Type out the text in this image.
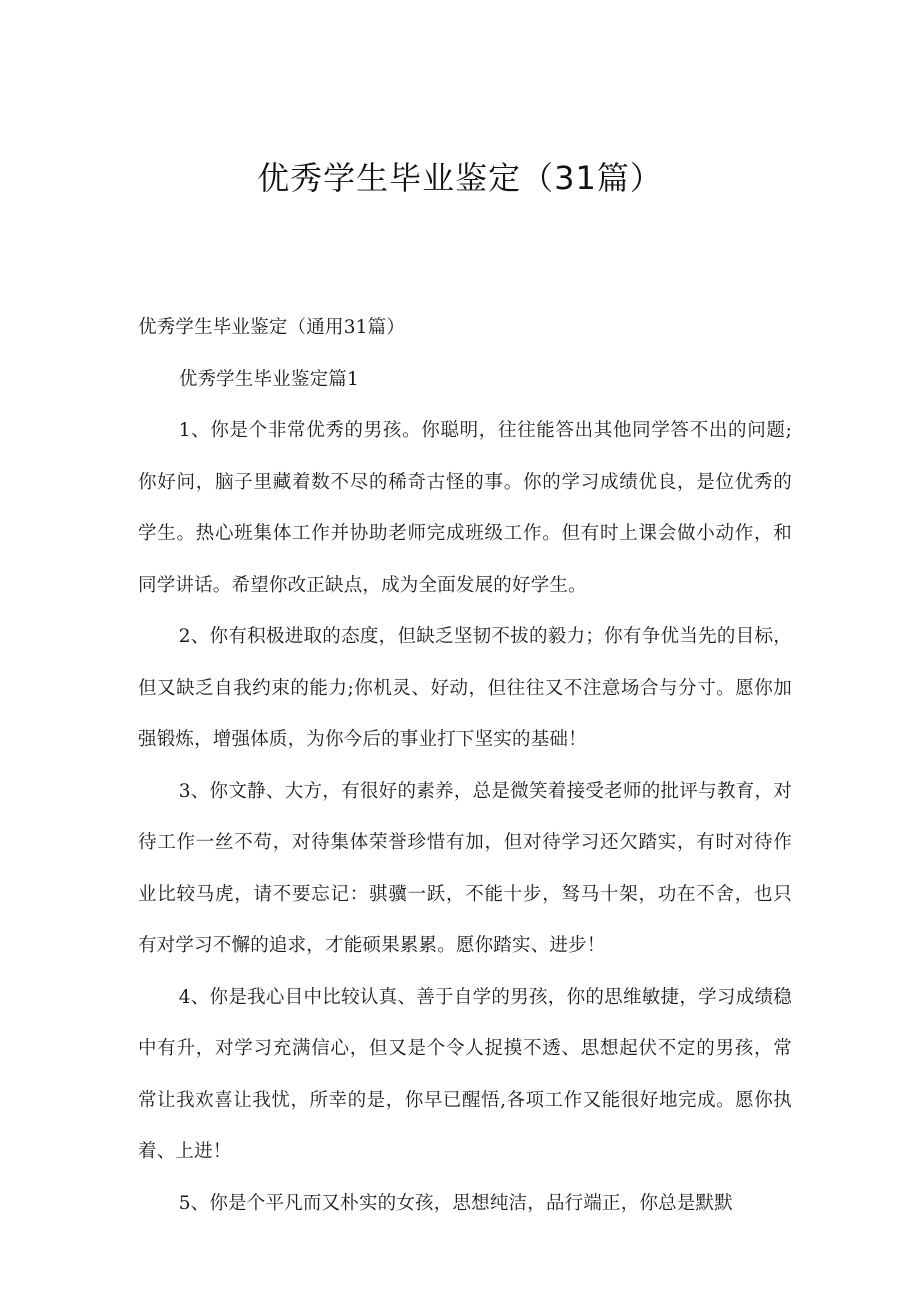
优秀学生毕业鉴定（31篇）

优秀学生毕业鉴定（通用31篇）

优秀学生毕业鉴定篇1

1、你是个非常优秀的男孩。你聪明，往往能答出其他同学答不出的问题;你好问，脑子里藏着数不尽的稀奇古怪的事。你的学习成绩优良，是位优秀的学生。热心班集体工作并协助老师完成班级工作。但有时上课会做小动作，和同学讲话。希望你改正缺点，成为全面发展的好学生。

2、你有积极进取的态度，但缺乏坚韧不拔的毅力；你有争优当先的目标，但又缺乏自我约束的能力;你机灵、好动，但往往又不注意场合与分寸。愿你加强锻炼，增强体质，为你今后的事业打下坚实的基础！

3、你文静、大方，有很好的素养，总是微笑着接受老师的批评与教育，对待工作一丝不苟，对待集体荣誉珍惜有加，但对待学习还欠踏实，有时对待作业比较马虎，请不要忘记：骐骥一跃，不能十步，驽马十架，功在不舍，也只有对学习不懈的追求，才能硕果累累。愿你踏实、进步！

4、你是我心目中比较认真、善于自学的男孩，你的思维敏捷，学习成绩稳中有升，对学习充满信心，但又是个令人捉摸不透、思想起伏不定的男孩，常常让我欢喜让我忧，所幸的是，你早已醒悟,各项工作又能很好地完成。愿你执着、上进！

5、你是个平凡而又朴实的女孩，思想纯洁，品行端正，你总是默默
